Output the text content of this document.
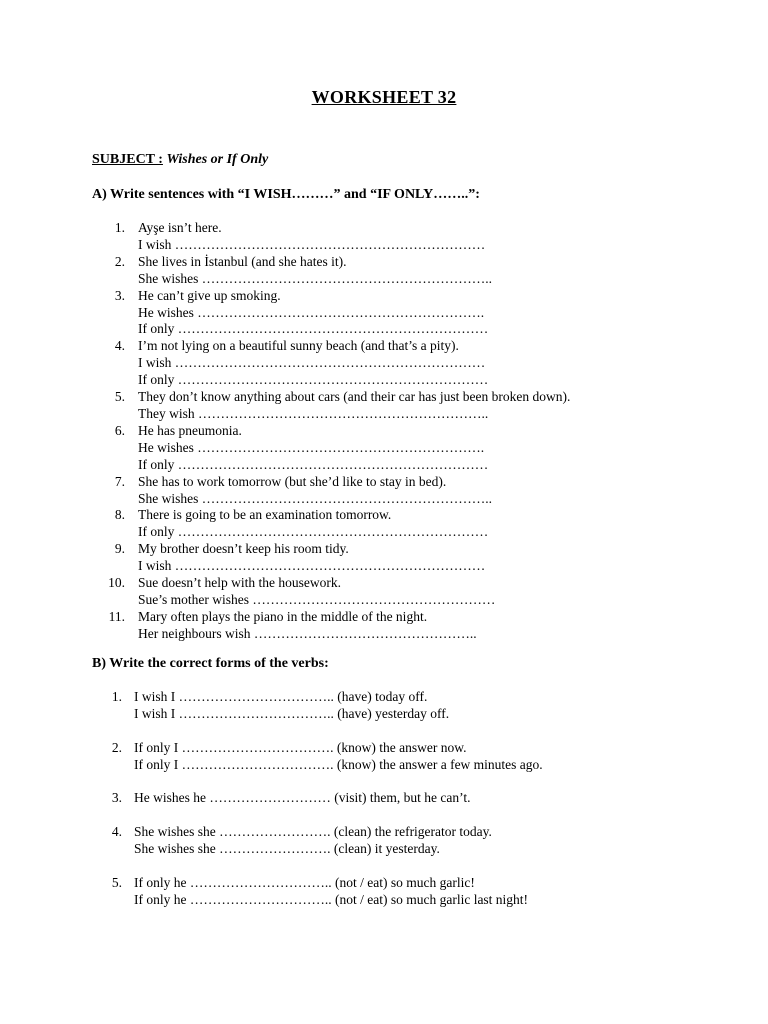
WORKSHEET 32
SUBJECT : Wishes or If Only
A) Write sentences with “I WISH………” and “IF ONLY……..”:
1. Ayşe isn’t here.
I wish ……………………………………………………………
2. She lives in İstanbul (and she hates it).
She wishes ………………………………………………………..
3. He can’t give up smoking.
He wishes ……………………………………………………….
If only ……………………………………………………………
4. I’m not lying on a beautiful sunny beach (and that’s a pity).
I wish ……………………………………………………………
If only ……………………………………………………………
5. They don’t know anything about cars (and their car has just been broken down).
They wish ………………………………………………………..
6. He has pneumonia.
He wishes ……………………………………………………….
If only ……………………………………………………………
7. She has to work tomorrow (but she’d like to stay in bed).
She wishes ………………………………………………………..
8. There is going to be an examination tomorrow.
If only ……………………………………………………………
9. My brother doesn’t keep his room tidy.
I wish ……………………………………………………………
10. Sue doesn’t help with the housework.
Sue’s mother wishes ………………………………………………
11. Mary often plays the piano in the middle of the night.
Her neighbours wish …………………………………………..
B) Write the correct forms of the verbs:
1. I wish I …………………………….. (have) today off.
I wish I …………………………….. (have) yesterday off.
2. If only I ……………………………. (know) the answer now.
If only I ……………………………. (know) the answer a few minutes ago.
3. He wishes he ……………………… (visit) them, but he can’t.
4. She wishes she ……………………. (clean) the refrigerator today.
She wishes she ……………………. (clean) it yesterday.
5. If only he ………………………….. (not / eat) so much garlic!
If only he ………………………….. (not / eat) so much garlic last night!
